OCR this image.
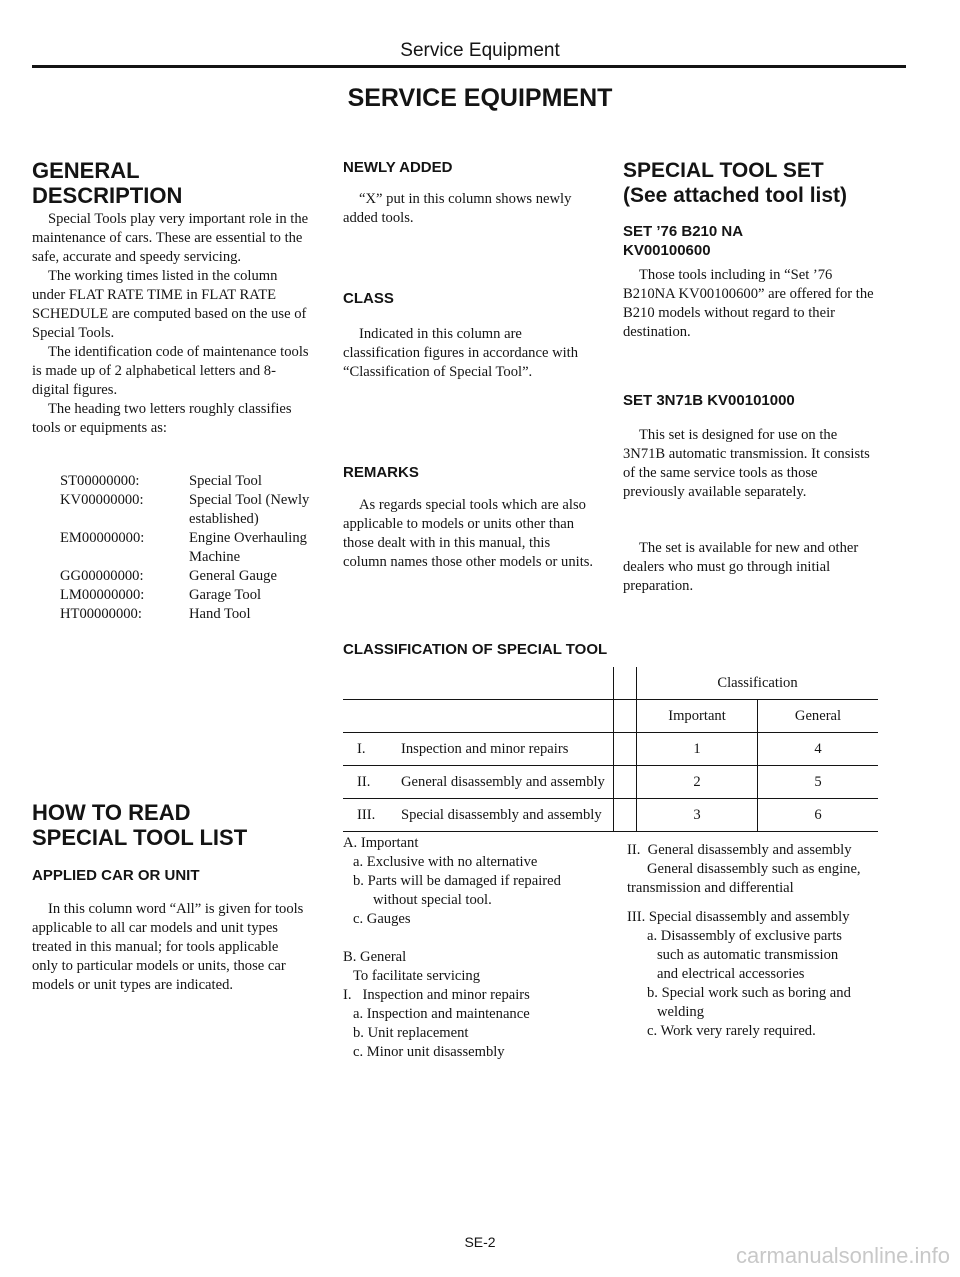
Service Equipment
SERVICE EQUIPMENT
GENERAL
DESCRIPTION

Special Tools play very important role in the maintenance of cars. These are essential to the safe, accurate and speedy servicing.

The working times listed in the column under FLAT RATE TIME in FLAT RATE SCHEDULE are computed based on the use of Special Tools.

The identification code of maintenance tools is made up of 2 alphabetical letters and 8-digital figures.

The heading two letters roughly classifies tools or equipments as:

ST00000000:	Special Tool
KV00000000:	Special Tool (Newly established)
EM00000000:	Engine Overhauling Machine
GG00000000:	General Gauge
LM00000000:	Garage Tool
HT00000000:	Hand Tool
HOW TO READ
SPECIAL TOOL LIST
APPLIED CAR OR UNIT

In this column word “All” is given for tools applicable to all car models and unit types treated in this manual; for tools applicable only to particular models or units, those car models or unit types are indicated.

NEWLY ADDED

“X” put in this column shows newly added tools.

CLASS

Indicated in this column are classification figures in accordance with “Classification of Special Tool”.

REMARKS

As regards special tools which are also applicable to models or units other than those dealt with in this manual, this column names those other models or units.

SPECIAL TOOL SET
(See attached tool list)
SET ’76 B210 NA
KV00100600

Those tools including in “Set ’76 B210NA KV00100600” are offered for the B210 models without regard to their destination.

SET 3N71B KV00101000

This set is designed for use on the 3N71B automatic transmission. It consists of the same service tools as those previously available separately.

The set is available for new and other dealers who must go through initial preparation.

CLASSIFICATION OF SPECIAL TOOL
		Classification	
		Important	General
I. Inspection and minor repairs		1	4
II. General disassembly and assembly		2	5
III. Special disassembly and assembly		3	6
A. Important
a. Exclusive with no alternative
b. Parts will be damaged if repaired
without special tool.
c. Gauges
B. General
To facilitate servicing
I.   Inspection and minor repairs
a. Inspection and maintenance
b. Unit replacement
c. Minor unit disassembly
II.  General disassembly and assembly
General disassembly such as engine,
transmission and differential
III. Special disassembly and assembly
a. Disassembly of exclusive parts
such as automatic transmission
and electrical accessories
b. Special work such as boring and
welding
c. Work very rarely required.
SE-2
carmanualsonline.info
